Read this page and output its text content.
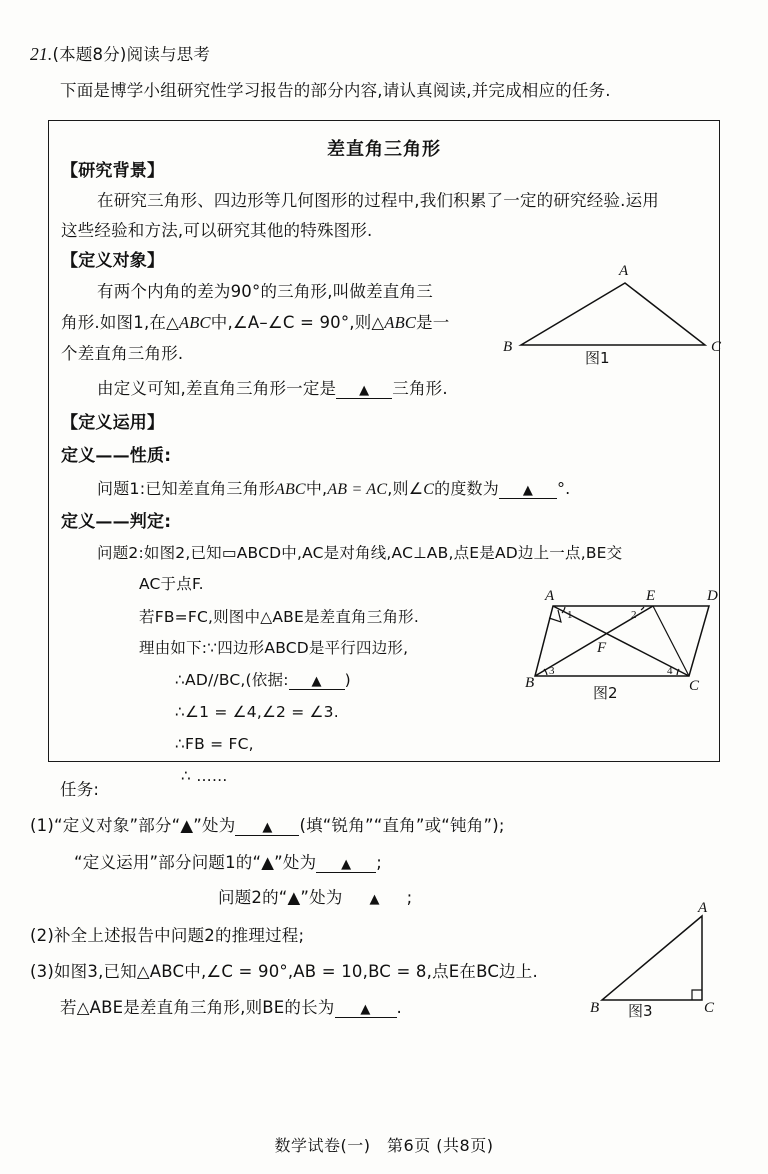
21.(本题8分)阅读与思考
下面是博学小组研究性学习报告的部分内容,请认真阅读,并完成相应的任务.
差直角三角形
【研究背景】
在研究三角形、四边形等几何图形的过程中,我们积累了一定的研究经验.运用
这些经验和方法,可以研究其他的特殊图形.
【定义对象】
有两个内角的差为90°的三角形,叫做差直角三
角形.如图1,在△ABC中,∠A–∠C = 90°,则△ABC是一
个差直角三角形.
由定义可知,差直角三角形一定是 ▲ 三角形.
【定义运用】
定义——性质:
问题1:已知差直角三角形ABC中,AB = AC,则∠C的度数为 ▲ °.
定义——判定:
问题2:如图2,已知▭ABCD中,AC是对角线,AC⊥AB,点E是AD边上一点,BE交
AC于点F.
若FB=FC,则图中△ABE是差直角三角形.
理由如下:∵四边形ABCD是平行四边形,
∴AD//BC,(依据: ▲ )
∴∠1 = ∠4,∠2 = ∠3.
∴FB = FC,
∴ ……
A
B	C
图1
A	E	D
B	C
F
1	2
3	4
图2
任务:
(1)“定义对象”部分“▲”处为 ▲ (填“锐角”“直角”或“钝角”);
“定义运用”部分问题1的“▲”处为 ▲ ;
问题2的“▲”处为 ▲ ;
(2)补全上述报告中问题2的推理过程;
(3)如图3,已知△ABC中,∠C = 90°,AB = 10,BC = 8,点E在BC边上.
若△ABE是差直角三角形,则BE的长为 ▲ .
A
B	C
图3
数学试卷(一)　第6页 (共8页)
